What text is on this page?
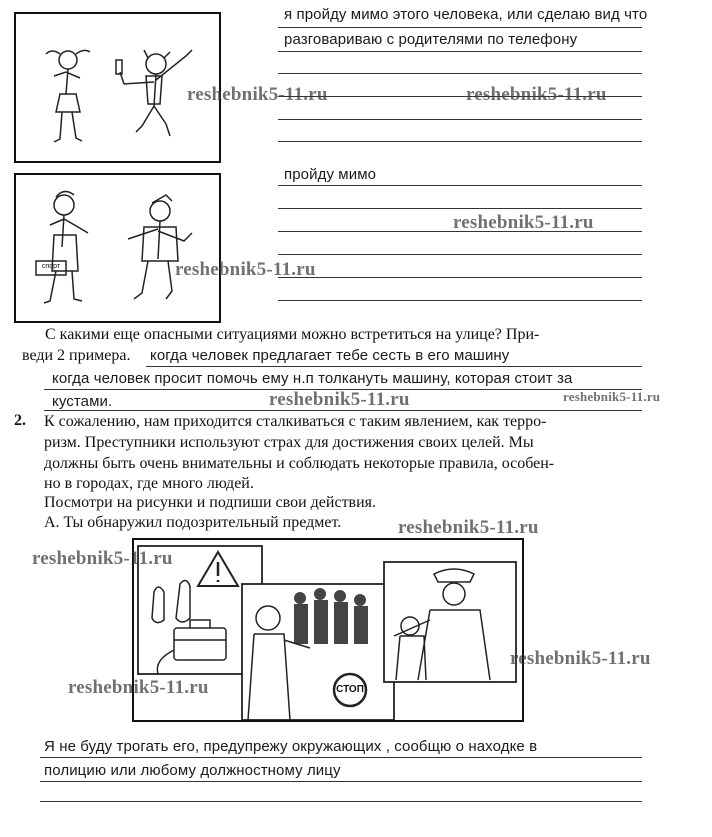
спорт
я пройду мимо этого человека, или сделаю вид что
разговариваю с родителями по телефону
пройду мимо
С какими еще опасными ситуациями можно встретиться на улице? При-
веди 2 примера. когда человек предлагает тебе сесть в его машину
когда человек просит помочь ему н.п толкануть машину, которая стоит за
кустами.
2. К сожалению, нам приходится сталкиваться с таким явлением, как терро-
ризм. Преступники используют страх для достижения своих целей. Мы
должны быть очень внимательны и соблюдать некоторые правила, особен-
но в городах, где много людей.
Посмотри на рисунки и подпиши свои действия.
А. Ты обнаружил подозрительный предмет.
СТОП
Я не буду трогать его, предупрежу окружающих , сообщю о находке в
полицию или любому должностному лицу
reshebnik5-11.ru	reshebnik5-11.ru
reshebnik5-11.ru
reshebnik5-11.ru
reshebnik5-11.ru	reshebnik5-11.ru
reshebnik5-11.ru
reshebnik5-11.ru
reshebnik5-11.ru
reshebnik5-11.ru
